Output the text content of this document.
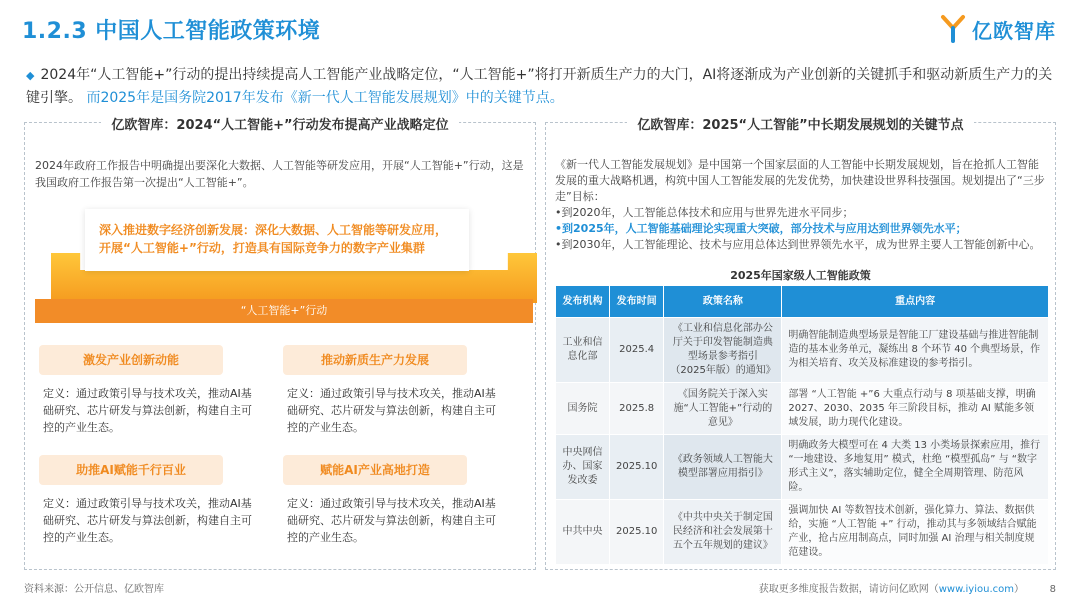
1.2.3 中国人工智能政策环境	亿欧智库
◆ 2024年“人工智能+”行动的提出持续提高人工智能产业战略定位，“人工智能+”将打开新质生产力的大门，AI将逐渐成为产业创新的关键抓手和驱动新质生产力的关键引擎。 而2025年是国务院2017年发布《新一代人工智能发展规划》中的关键节点。
亿欧智库：2024“人工智能+”行动发布提高产业战略定位
2024年政府工作报告中明确提出要深化大数据、人工智能等研发应用，开展“人工智能+”行动，这是我国政府工作报告第一次提出“人工智能+”。

深入推进数字经济创新发展：深化大数据、人工智能等研发应用，开展“人工智能+”行动，打造具有国际竞争力的数字产业集群

“人工智能+”行动
激发产业创新动能	推动新质生产力发展
定义：通过政策引导与技术攻关，推动AI基础研究、芯片研发与算法创新，构建自主可控的产业生态。
定义：通过政策引导与技术攻关，推动AI基础研究、芯片研发与算法创新，构建自主可控的产业生态。
助推AI赋能千行百业	赋能AI产业高地打造
定义：通过政策引导与技术攻关，推动AI基础研究、芯片研发与算法创新，构建自主可控的产业生态。
定义：通过政策引导与技术攻关，推动AI基础研究、芯片研发与算法创新，构建自主可控的产业生态。
亿欧智库：2025“人工智能”中长期发展规划的关键节点
《新一代人工智能发展规划》是中国第一个国家层面的人工智能中长期发展规划，旨在抢抓人工智能发展的重大战略机遇，构筑中国人工智能发展的先发优势，加快建设世界科技强国。规划提出了“三步走”目标：
•到2020年，人工智能总体技术和应用与世界先进水平同步；
•到2025年，人工智能基础理论实现重大突破，部分技术与应用达到世界领先水平；
•到2030年，人工智能理论、技术与应用总体达到世界领先水平，成为世界主要人工智能创新中心。
2025年国家级人工智能政策
发布机构	发布时间	政策名称	重点内容
工业和信息化部	2025.4	《工业和信息化部办公厅关于印发智能制造典型场景参考指引（2025年版）的通知》	明确智能制造典型场景是智能工厂建设基础与推进智能制造的基本业务单元，凝练出 8 个环节 40 个典型场景，作为相关培育、攻关及标准建设的参考指引。
国务院	2025.8	《国务院关于深入实施“人工智能+”行动的意见》	部署 “人工智能 +”6 大重点行动与 8 项基础支撑，明确 2027、2030、2035 年三阶段目标，推动 AI 赋能多领域发展，助力现代化建设。
中央网信办、国家发改委	2025.10	《政务领域人工智能大模型部署应用指引》	明确政务大模型可在 4 大类 13 小类场景探索应用，推行 “一地建设、多地复用” 模式，杜绝 “模型孤岛” 与 “数字形式主义”，落实辅助定位，健全全周期管理、防范风险。
中共中央	2025.10	《中共中央关于制定国民经济和社会发展第十五个五年规划的建议》	强调加快 AI 等数智技术创新，强化算力、算法、数据供给，实施 “人工智能 +” 行动，推动其与多领域结合赋能产业，抢占应用制高点，同时加强 AI 治理与相关制度规范建设。
资料来源：公开信息、亿欧智库	获取更多维度报告数据，请访问亿欧网（www.iyiou.com）	8
